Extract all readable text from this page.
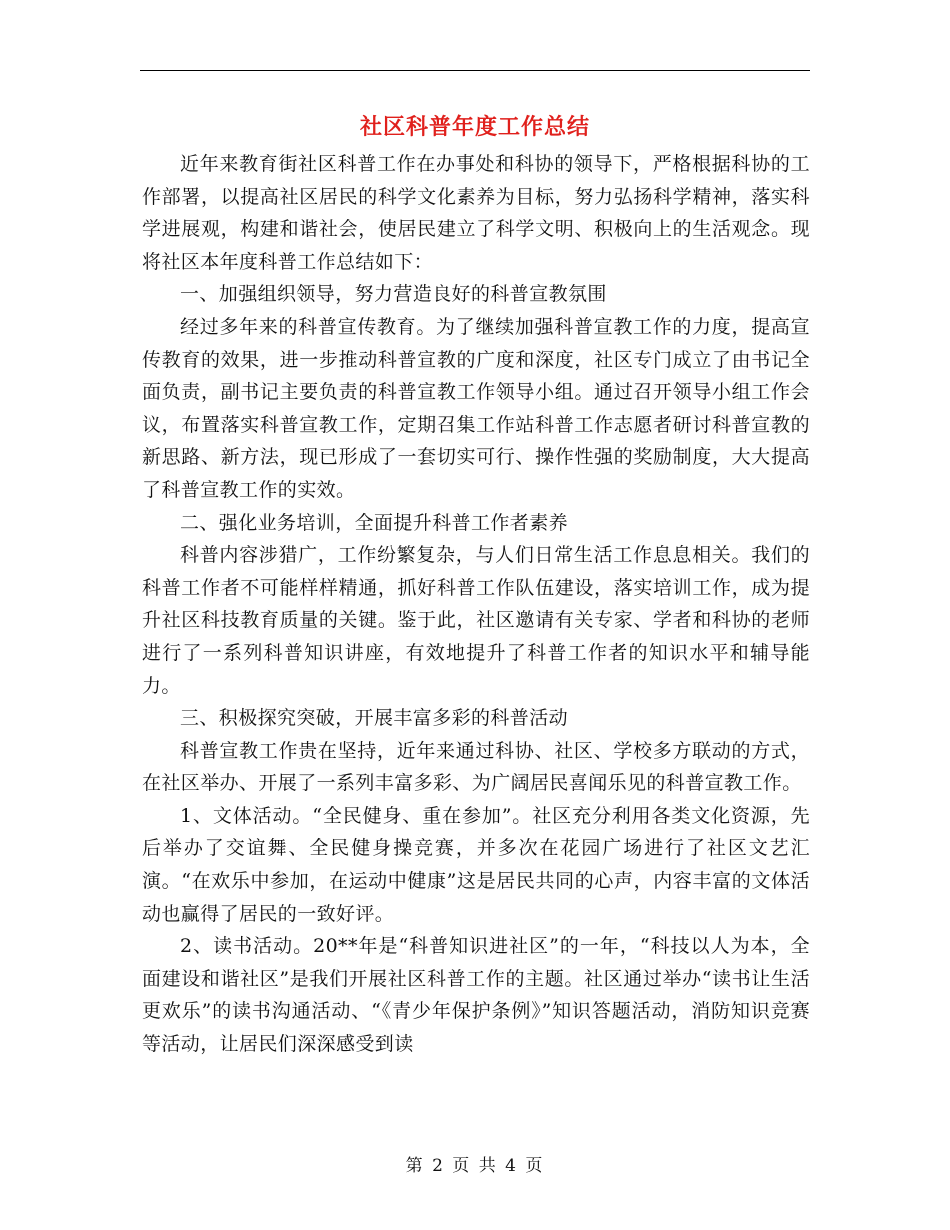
社区科普年度工作总结

近年来教育街社区科普工作在办事处和科协的领导下，严格根据科协的工作部署，以提高社区居民的科学文化素养为目标，努力弘扬科学精神，落实科学进展观，构建和谐社会，使居民建立了科学文明、积极向上的生活观念。现将社区本年度科普工作总结如下：

一、加强组织领导，努力营造良好的科普宣教氛围

经过多年来的科普宣传教育。为了继续加强科普宣教工作的力度，提高宣传教育的效果，进一步推动科普宣教的广度和深度，社区专门成立了由书记全面负责，副书记主要负责的科普宣教工作领导小组。通过召开领导小组工作会议，布置落实科普宣教工作，定期召集工作站科普工作志愿者研讨科普宣教的新思路、新方法，现已形成了一套切实可行、操作性强的奖励制度，大大提高了科普宣教工作的实效。

二、强化业务培训，全面提升科普工作者素养

科普内容涉猎广，工作纷繁复杂，与人们日常生活工作息息相关。我们的科普工作者不可能样样精通，抓好科普工作队伍建设，落实培训工作，成为提升社区科技教育质量的关键。鉴于此，社区邀请有关专家、学者和科协的老师进行了一系列科普知识讲座，有效地提升了科普工作者的知识水平和辅导能力。

三、积极探究突破，开展丰富多彩的科普活动

科普宣教工作贵在坚持，近年来通过科协、社区、学校多方联动的方式，在社区举办、开展了一系列丰富多彩、为广阔居民喜闻乐见的科普宣教工作。

1、文体活动。“全民健身、重在参加”。社区充分利用各类文化资源，先后举办了交谊舞、全民健身操竞赛，并多次在花园广场进行了社区文艺汇演。“在欢乐中参加，在运动中健康”这是居民共同的心声，内容丰富的文体活动也赢得了居民的一致好评。

2、读书活动。20**年是“科普知识进社区”的一年，“科技以人为本，全面建设和谐社区”是我们开展社区科普工作的主题。社区通过举办“读书让生活更欢乐”的读书沟通活动、“《青少年保护条例》”知识答题活动，消防知识竞赛等活动，让居民们深深感受到读

第 2 页 共 4 页
